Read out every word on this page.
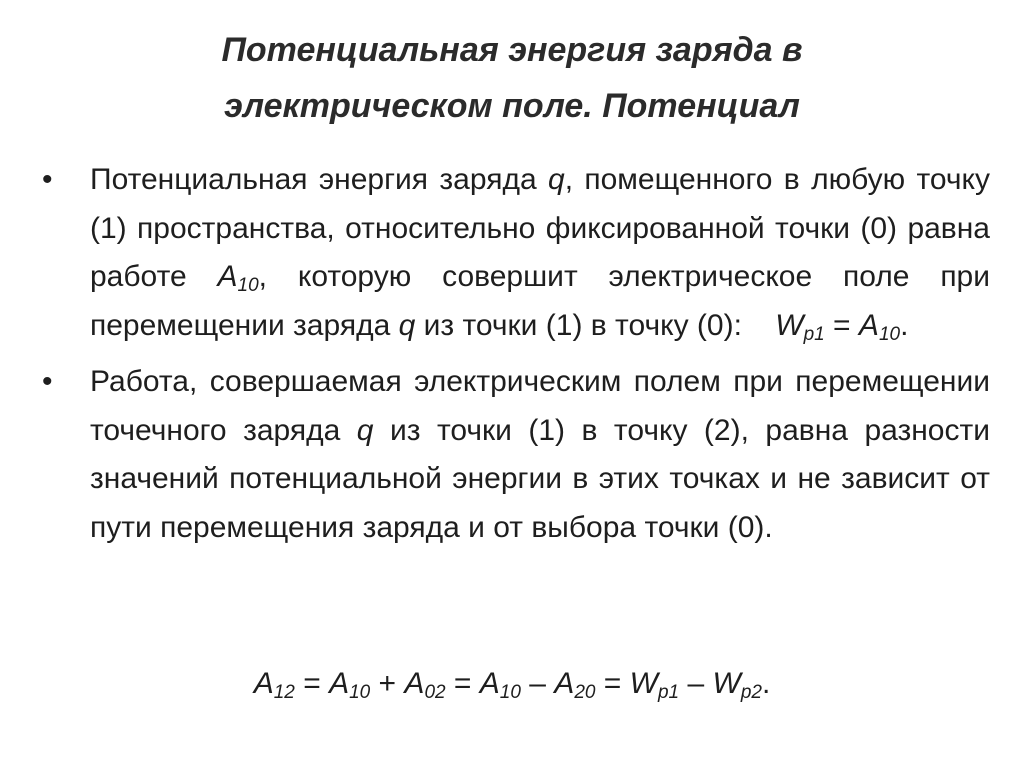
Потенциальная энергия заряда в
электрическом поле. Потенциал
• Потенциальная энергия заряда q, помещенного в любую точку (1) пространства, относительно фиксированной точки (0) равна работе $A_{10}$, которую совершит электрическое поле при перемещении заряда q из точки (1) в точку (0): $W_{p1} = A_{10}$.
• Работа, совершаемая электрическим полем при перемещении точечного заряда q из точки (1) в точку (2), равна разности значений потенциальной энергии в этих точках и не зависит от пути перемещения заряда и от выбора точки (0).
$A_{12} = A_{10} + A_{02} = A_{10} - A_{20} = W_{p1} - W_{p2}$.
